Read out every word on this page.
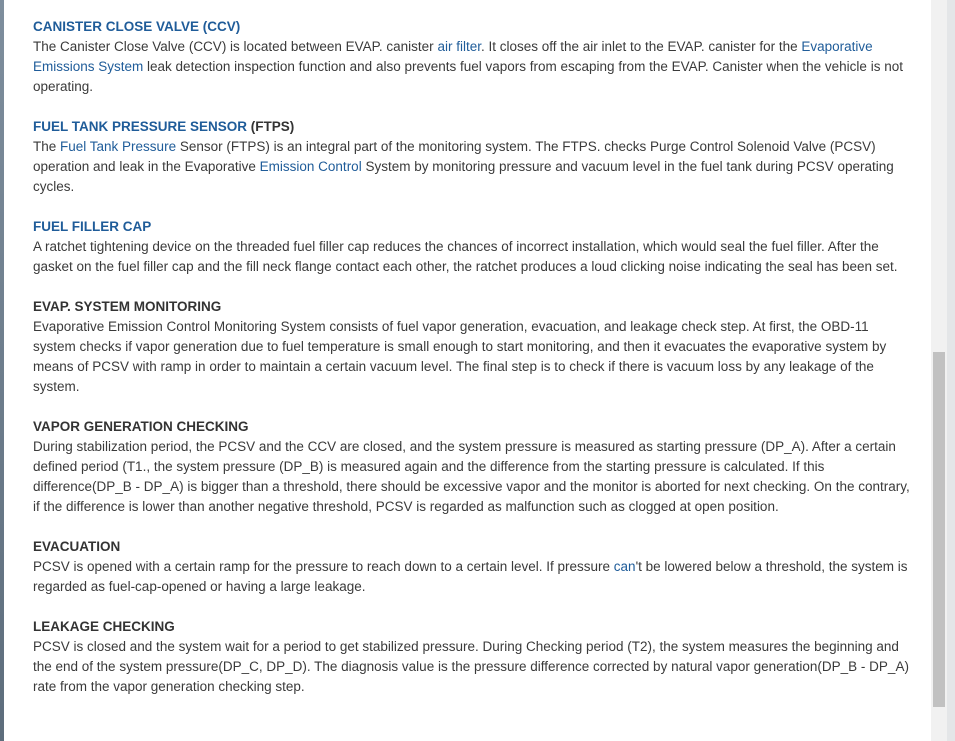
CANISTER CLOSE VALVE (CCV)

The Canister Close Valve (CCV) is located between EVAP. canister air filter. It closes off the air inlet to the EVAP. canister for the Evaporative Emissions System leak detection inspection function and also prevents fuel vapors from escaping from the EVAP. Canister when the vehicle is not operating.

FUEL TANK PRESSURE SENSOR (FTPS)

The Fuel Tank Pressure Sensor (FTPS) is an integral part of the monitoring system. The FTPS. checks Purge Control Solenoid Valve (PCSV) operation and leak in the Evaporative Emission Control System by monitoring pressure and vacuum level in the fuel tank during PCSV operating cycles.

FUEL FILLER CAP

A ratchet tightening device on the threaded fuel filler cap reduces the chances of incorrect installation, which would seal the fuel filler. After the gasket on the fuel filler cap and the fill neck flange contact each other, the ratchet produces a loud clicking noise indicating the seal has been set.

EVAP. SYSTEM MONITORING

Evaporative Emission Control Monitoring System consists of fuel vapor generation, evacuation, and leakage check step. At first, the OBD-11 system checks if vapor generation due to fuel temperature is small enough to start monitoring, and then it evacuates the evaporative system by means of PCSV with ramp in order to maintain a certain vacuum level. The final step is to check if there is vacuum loss by any leakage of the system.

VAPOR GENERATION CHECKING

During stabilization period, the PCSV and the CCV are closed, and the system pressure is measured as starting pressure (DP_A). After a certain defined period (T1., the system pressure (DP_B) is measured again and the difference from the starting pressure is calculated. If this difference(DP_B - DP_A) is bigger than a threshold, there should be excessive vapor and the monitor is aborted for next checking. On the contrary, if the difference is lower than another negative threshold, PCSV is regarded as malfunction such as clogged at open position.

EVACUATION

PCSV is opened with a certain ramp for the pressure to reach down to a certain level. If pressure can't be lowered below a threshold, the system is regarded as fuel-cap-opened or having a large leakage.

LEAKAGE CHECKING

PCSV is closed and the system wait for a period to get stabilized pressure. During Checking period (T2), the system measures the beginning and the end of the system pressure(DP_C, DP_D). The diagnosis value is the pressure difference corrected by natural vapor generation(DP_B - DP_A) rate from the vapor generation checking step.
